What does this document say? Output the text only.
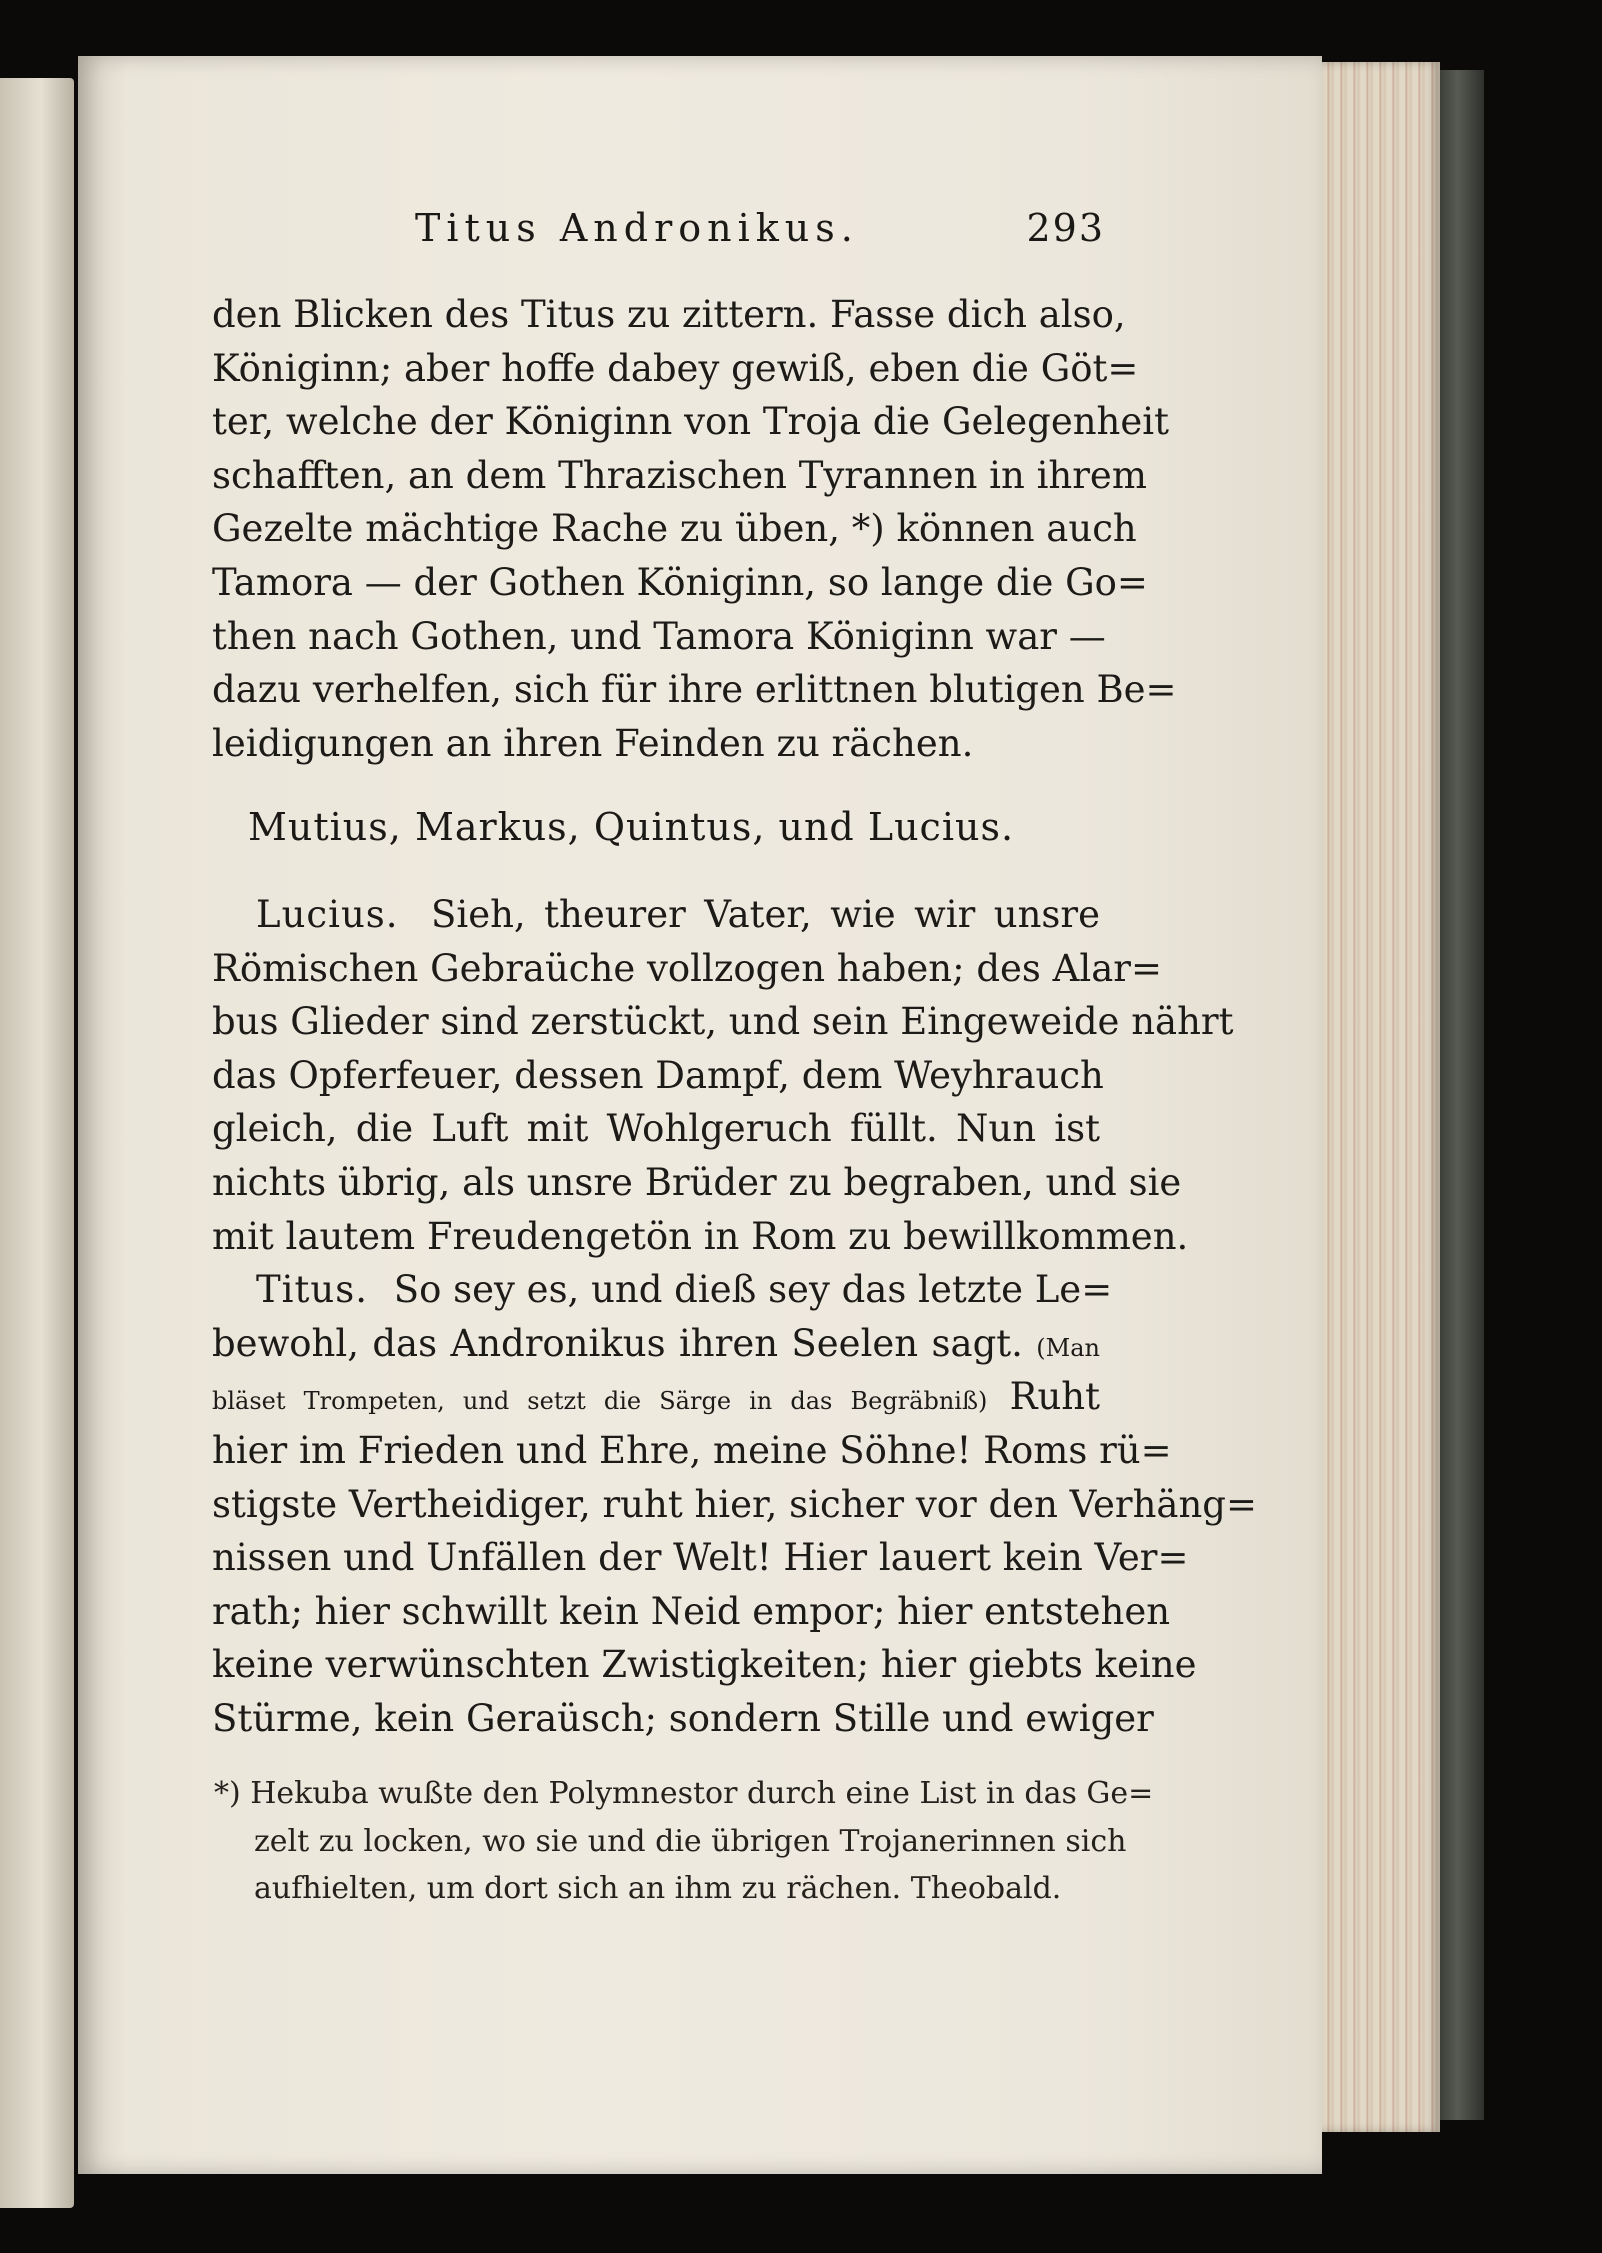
Titus Andronikus.	293
den Blicken des Titus zu zittern. Fasse dich also,
Königinn; aber hoffe dabey gewiß, eben die Göt=
ter, welche der Königinn von Troja die Gelegenheit
schafften, an dem Thrazischen Tyrannen in ihrem
Gezelte mächtige Rache zu üben, *) können auch
Tamora — der Gothen Königinn, so lange die Go=
then nach Gothen, und Tamora Königinn war —
dazu verhelfen, sich für ihre erlittnen blutigen Be=
leidigungen an ihren Feinden zu rächen.
Mutius, Markus, Quintus, und Lucius.
Lucius. Sieh, theurer Vater, wie wir unsre
Römischen Gebraüche vollzogen haben; des Alar=
bus Glieder sind zerstückt, und sein Eingeweide nährt
das Opferfeuer, dessen Dampf, dem Weyhrauch
gleich, die Luft mit Wohlgeruch füllt. Nun ist
nichts übrig, als unsre Brüder zu begraben, und sie
mit lautem Freudengetön in Rom zu bewillkommen.
Titus. So sey es, und dieß sey das letzte Le=
bewohl, das Andronikus ihren Seelen sagt. (Man
bläset Trompeten, und setzt die Särge in das Begräbniß) Ruht
hier im Frieden und Ehre, meine Söhne! Roms rü=
stigste Vertheidiger, ruht hier, sicher vor den Verhäng=
nissen und Unfällen der Welt! Hier lauert kein Ver=
rath; hier schwillt kein Neid empor; hier entstehen
keine verwünschten Zwistigkeiten; hier giebts keine
Stürme, kein Geraüsch; sondern Stille und ewiger
*) Hekuba wußte den Polymnestor durch eine List in das Ge=
zelt zu locken, wo sie und die übrigen Trojanerinnen sich
aufhielten, um dort sich an ihm zu rächen. Theobald.
